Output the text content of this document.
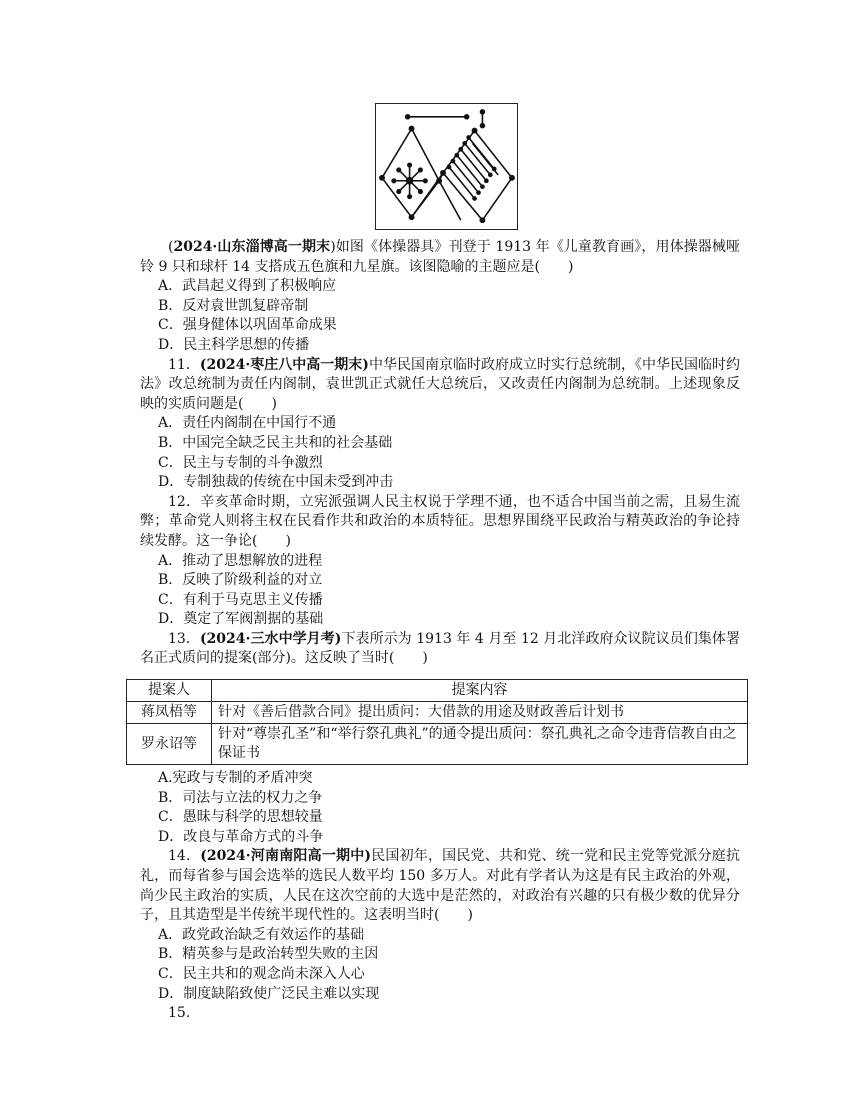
(2024·山东淄博高一期末)如图《体操器具》刊登于 1913 年《儿童教育画》，用体操器械哑铃 9 只和球杆 14 支搭成五色旗和九星旗。该图隐喻的主题应是(　　)

A．武昌起义得到了积极响应

B．反对袁世凯复辟帝制

C．强身健体以巩固革命成果

D．民主科学思想的传播

11．(2024·枣庄八中高一期末)中华民国南京临时政府成立时实行总统制，《中华民国临时约法》改总统制为责任内阁制，袁世凯正式就任大总统后，又改责任内阁制为总统制。上述现象反映的实质问题是(　　)

A．责任内阁制在中国行不通

B．中国完全缺乏民主共和的社会基础

C．民主与专制的斗争激烈

D．专制独裁的传统在中国未受到冲击

12．辛亥革命时期，立宪派强调人民主权说于学理不通，也不适合中国当前之需，且易生流弊；革命党人则将主权在民看作共和政治的本质特征。思想界围绕平民政治与精英政治的争论持续发酵。这一争论(　　)

A．推动了思想解放的进程

B．反映了阶级利益的对立

C．有利于马克思主义传播

D．奠定了军阀割据的基础

13．(2024·三水中学月考)下表所示为 1913 年 4 月至 12 月北洋政府众议院议员们集体署名正式质问的提案(部分)。这反映了当时(　　)

提案人	提案内容
蒋凤梧等	针对《善后借款合同》提出质问：大借款的用途及财政善后计划书
罗永诏等	针对“尊崇孔圣”和“举行祭孔典礼”的通令提出质问：祭孔典礼之命令违背信教自由之保证书

A.宪政与专制的矛盾冲突

B．司法与立法的权力之争

C．愚昧与科学的思想较量

D．改良与革命方式的斗争

14．(2024·河南南阳高一期中)民国初年，国民党、共和党、统一党和民主党等党派分庭抗礼，而每省参与国会选举的选民人数平均 150 多万人。对此有学者认为这是有民主政治的外观，尚少民主政治的实质，人民在这次空前的大选中是茫然的，对政治有兴趣的只有极少数的优异分子，且其造型是半传统半现代性的。这表明当时(　　)

A．政党政治缺乏有效运作的基础

B．精英参与是政治转型失败的主因

C．民主共和的观念尚未深入人心

D．制度缺陷致使广泛民主难以实现

15.
